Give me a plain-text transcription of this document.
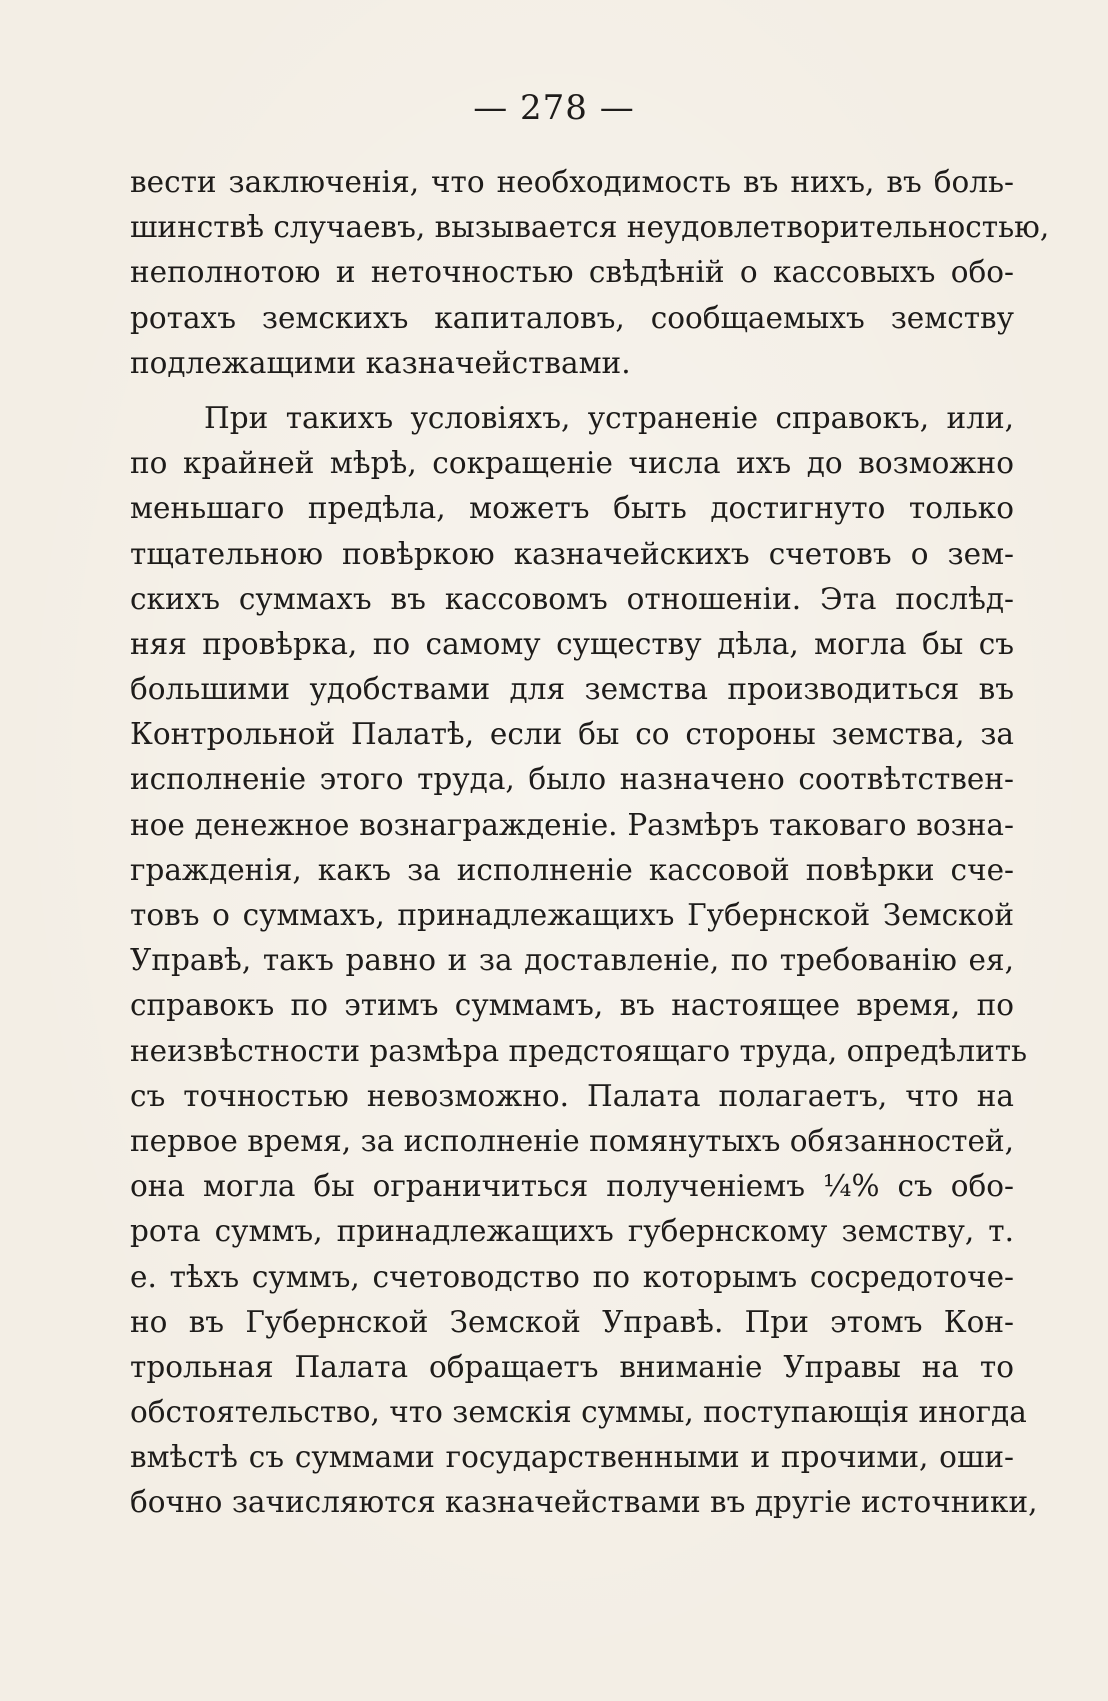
— 278 —

вести заключенія, что необходимость въ нихъ, въ боль-
шинствѣ случаевъ, вызывается неудовлетворительностью,
неполнотою и неточностью свѣдѣній о кассовыхъ обо-
ротахъ земскихъ капиталовъ, сообщаемыхъ земству
подлежащими казначействами.

При такихъ условіяхъ, устраненіе справокъ, или,
по крайней мѣрѣ, сокращеніе числа ихъ до возможно
меньшаго предѣла, можетъ быть достигнуто только
тщательною повѣркою казначейскихъ счетовъ о зем-
скихъ суммахъ въ кассовомъ отношеніи. Эта послѣд-
няя провѣрка, по самому существу дѣла, могла бы съ
большими удобствами для земства производиться въ
Контрольной Палатѣ, если бы со стороны земства, за
исполненіе этого труда, было назначено соотвѣтствен-
ное денежное вознагражденіе. Размѣръ таковаго возна-
гражденія, какъ за исполненіе кассовой повѣрки сче-
товъ о суммахъ, принадлежащихъ Губернской Земской
Управѣ, такъ равно и за доставленіе, по требованію ея,
справокъ по этимъ суммамъ, въ настоящее время, по
неизвѣстности размѣра предстоящаго труда, опредѣлить
съ точностью невозможно. Палата полагаетъ, что на
первое время, за исполненіе помянутыхъ обязанностей,
она могла бы ограничиться полученіемъ ¼% съ обо-
рота суммъ, принадлежащихъ губернскому земству, т.
е. тѣхъ суммъ, счетоводство по которымъ сосредоточе-
но въ Губернской Земской Управѣ. При этомъ Кон-
трольная Палата обращаетъ вниманіе Управы на то
обстоятельство, что земскія суммы, поступающія иногда
вмѣстѣ съ суммами государственными и прочими, оши-
бочно зачисляются казначействами въ другіе источники,
